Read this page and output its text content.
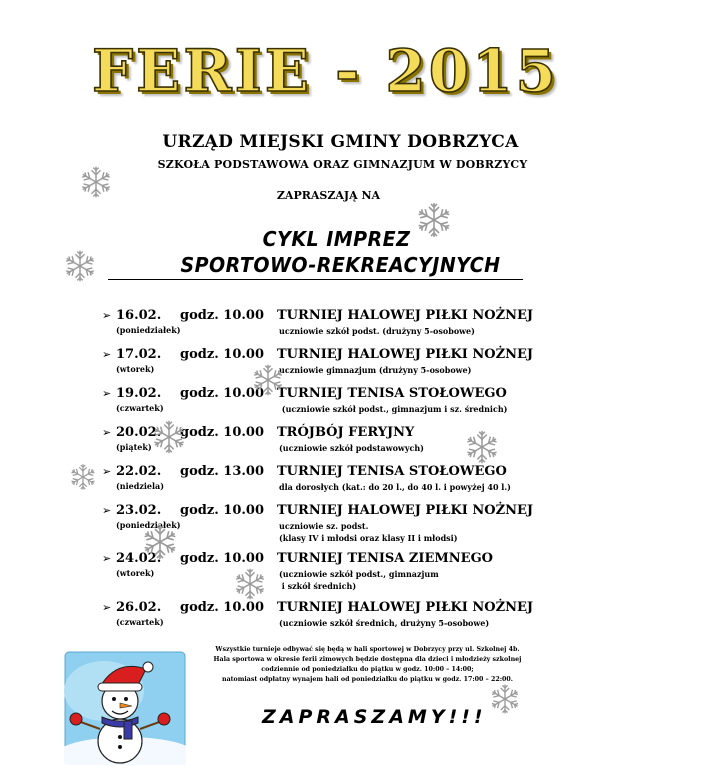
FERIE - 2015
URZĄD MIEJSKI GMINY DOBRZYCA
SZKOŁA PODSTAWOWA ORAZ GIMNAZJUM W DOBRZYCY
ZAPRASZAJĄ NA
CYKL IMPREZ
SPORTOWO-REKREACYJNYCH
➢ 16.02.
(poniedziałek)
godz. 10.00 TURNIEJ HALOWEJ PIŁKI NOŻNEJ
uczniowie szkół podst. (drużyny 5-osobowe)
➢ 17.02.
(wtorek)
godz. 10.00 TURNIEJ HALOWEJ PIŁKI NOŻNEJ
uczniowie gimnazjum (drużyny 5-osobowe)
➢ 19.02.
(czwartek)
godz. 10.00 TURNIEJ TENISA STOŁOWEGO
(uczniowie szkół podst., gimnazjum i sz. średnich)
➢ 20.02.
(piątek)
godz. 10.00 TRÓJBÓJ FERYJNY
(uczniowie szkół podstawowych)
➢ 22.02.
(niedziela)
godz. 13.00 TURNIEJ TENISA STOŁOWEGO
dla dorosłych (kat.: do 20 l., do 40 l. i powyżej 40 l.)
➢ 23.02.
(poniedziałek)
godz. 10.00 TURNIEJ HALOWEJ PIŁKI NOŻNEJ
uczniowie sz. podst.
(klasy IV i młodsi oraz klasy II i młodsi)
➢ 24.02.
(wtorek)
godz. 10.00 TURNIEJ TENISA ZIEMNEGO
(uczniowie szkół podst., gimnazjum
i szkół średnich)
➢ 26.02.
(czwartek)
godz. 10.00 TURNIEJ HALOWEJ PIŁKI NOŻNEJ
(uczniowie szkół średnich, drużyny 5-osobowe)
Wszystkie turnieje odbywać się będą w hali sportowej w Dobrzycy przy ul. Szkolnej 4b.
Hala sportowa w okresie ferii zimowych będzie dostępna dla dzieci i młodzieży szkolnej
codziennie od poniedziałku do piątku w godz. 10:00 – 14:00;
natomiast odpłatny wynajem hali od poniedziałku do piątku w godz. 17:00 – 22:00.
ZAPRASZAMY!!!
